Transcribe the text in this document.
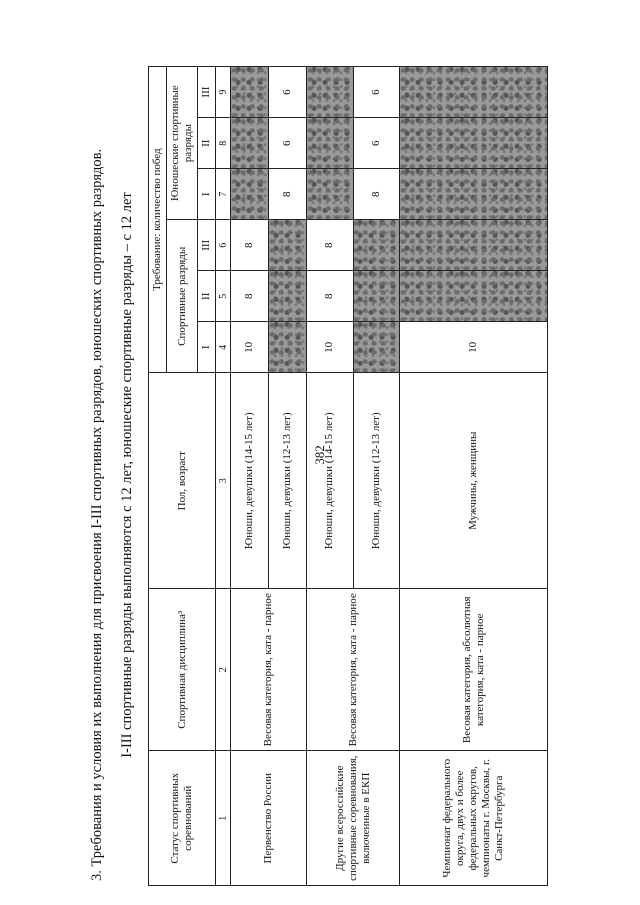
382
3. Требования и условия их выполнения для присвоения I-III спортивных разрядов, юношеских спортивных разрядов. I-III спортивные разряды выполняются с 12 лет, юношеские спортивные разряды – с 12 лет
Статус спортивных соревнований	Спортивная дисциплина³	Пол, возраст	Требование: количество побед					
			Спортивные разряды			Юношеские спортивные разряды		
			I	II	III	I	II	III
1	2	3	4	5	6	7	8	9
Первенство России	Весовая категория, ката - парное	Юноши, девушки (14-15 лет)	10	8	8			
		Юноши, девушки (12-13 лет)				8	6	6
Другие всероссийские спортивные соревнования, включенные в ЕКП	Весовая категория, ката - парное	Юноши, девушки (14-15 лет)	10	8	8			
		Юноши, девушки (12-13 лет)				8	6	6
Чемпионат федерального округа, двух и более федеральных округов, чемпионаты г. Москвы, г. Санкт-Петербурга	Весовая категория, абсолютная категория, ката - парное	Мужчины, женщины	10					
